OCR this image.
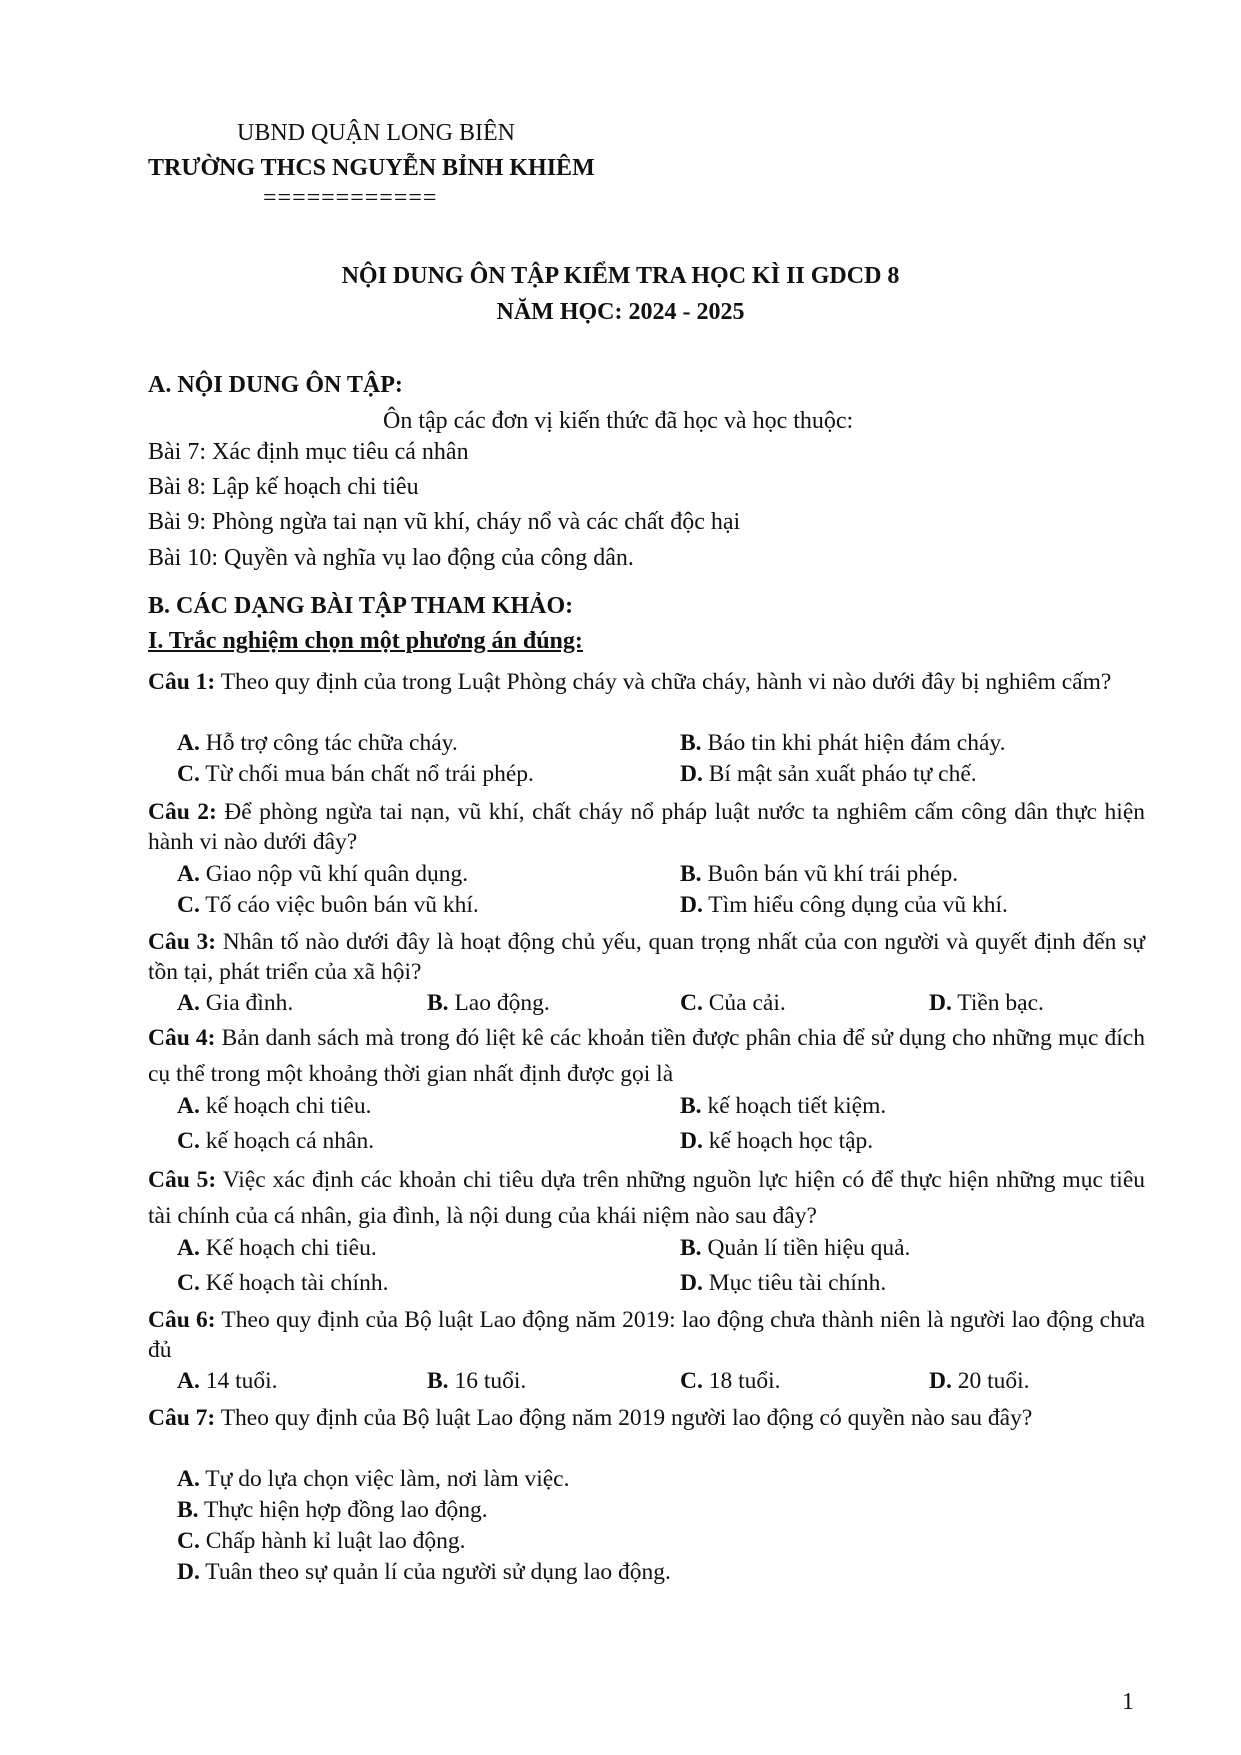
UBND QUẬN LONG BIÊN
TRƯỜNG THCS NGUYỄN BỈNH KHIÊM
============
NỘI DUNG ÔN TẬP KIỂM TRA HỌC KÌ II GDCD 8
NĂM HỌC: 2024 - 2025
A. NỘI DUNG ÔN TẬP:
Ôn tập các đơn vị kiến thức đã học và học thuộc:
Bài 7: Xác định mục tiêu cá nhân
Bài 8: Lập kế hoạch chi tiêu
Bài 9: Phòng ngừa tai nạn vũ khí, cháy nổ và các chất độc hại
Bài 10: Quyền và nghĩa vụ lao động của công dân.
B. CÁC DẠNG BÀI TẬP THAM KHẢO:
I. Trắc nghiệm chọn một phương án đúng:
Câu 1: Theo quy định của trong Luật Phòng cháy và chữa cháy, hành vi nào dưới đây bị nghiêm cấm?
A. Hỗ trợ công tác chữa cháy.	B. Báo tin khi phát hiện đám cháy.
C. Từ chối mua bán chất nổ trái phép.	D. Bí mật sản xuất pháo tự chế.
Câu 2: Để phòng ngừa tai nạn, vũ khí, chất cháy nổ pháp luật nước ta nghiêm cấm công dân thực hiện hành vi nào dưới đây?
A. Giao nộp vũ khí quân dụng.	B. Buôn bán vũ khí trái phép.
C. Tố cáo việc buôn bán vũ khí.	D. Tìm hiểu công dụng của vũ khí.
Câu 3: Nhân tố nào dưới đây là hoạt động chủ yếu, quan trọng nhất của con người và quyết định đến sự tồn tại, phát triển của xã hội?
A. Gia đình.	B. Lao động.	C. Của cải.	D. Tiền bạc.
Câu 4: Bản danh sách mà trong đó liệt kê các khoản tiền được phân chia để sử dụng cho những mục đích cụ thể trong một khoảng thời gian nhất định được gọi là
A. kế hoạch chi tiêu.	B. kế hoạch tiết kiệm.
C. kế hoạch cá nhân.	D. kế hoạch học tập.
Câu 5: Việc xác định các khoản chi tiêu dựa trên những nguồn lực hiện có để thực hiện những mục tiêu tài chính của cá nhân, gia đình, là nội dung của khái niệm nào sau đây?
A. Kế hoạch chi tiêu.	B. Quản lí tiền hiệu quả.
C. Kế hoạch tài chính.	D. Mục tiêu tài chính.
Câu 6: Theo quy định của Bộ luật Lao động năm 2019: lao động chưa thành niên là người lao động chưa đủ
A. 14 tuổi.	B. 16 tuổi.	C. 18 tuổi.	D. 20 tuổi.
Câu 7: Theo quy định của Bộ luật Lao động năm 2019 người lao động có quyền nào sau đây?
A. Tự do lựa chọn việc làm, nơi làm việc.
B. Thực hiện hợp đồng lao động.
C. Chấp hành kỉ luật lao động.
D. Tuân theo sự quản lí của người sử dụng lao động.
1
